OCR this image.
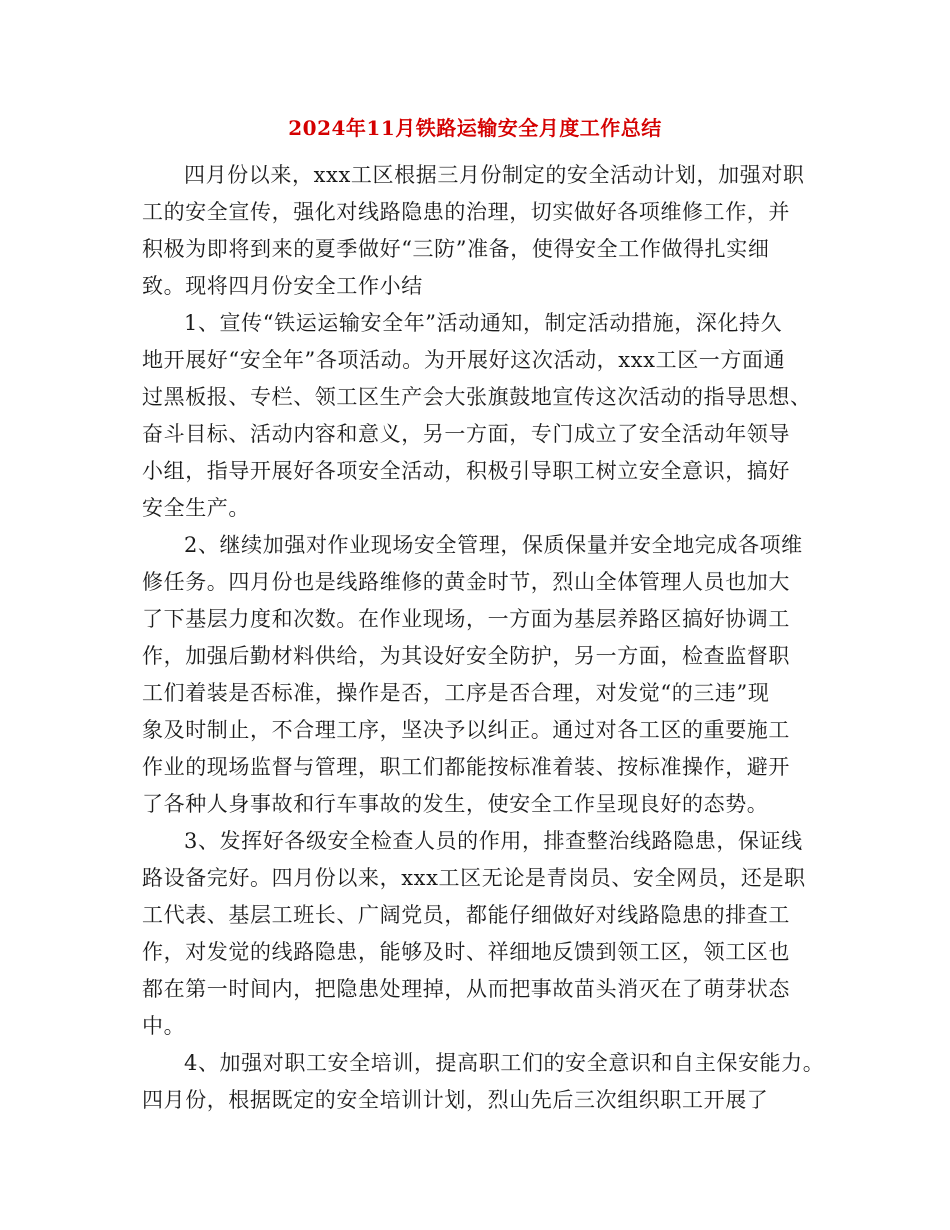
2024年11月铁路运输安全月度工作总结
四月份以来，xxx工区根据三月份制定的安全活动计划，加强对职
工的安全宣传，强化对线路隐患的治理，切实做好各项维修工作，并
积极为即将到来的夏季做好“三防”准备，使得安全工作做得扎实细
致。现将四月份安全工作小结
1、宣传“铁运运输安全年”活动通知，制定活动措施，深化持久
地开展好“安全年”各项活动。为开展好这次活动，xxx工区一方面通
过黑板报、专栏、领工区生产会大张旗鼓地宣传这次活动的指导思想、
奋斗目标、活动内容和意义，另一方面，专门成立了安全活动年领导
小组，指导开展好各项安全活动，积极引导职工树立安全意识，搞好
安全生产。
2、继续加强对作业现场安全管理，保质保量并安全地完成各项维
修任务。四月份也是线路维修的黄金时节，烈山全体管理人员也加大
了下基层力度和次数。在作业现场，一方面为基层养路区搞好协调工
作，加强后勤材料供给，为其设好安全防护，另一方面，检查监督职
工们着装是否标准，操作是否，工序是否合理，对发觉“的三违”现
象及时制止，不合理工序，坚决予以纠正。通过对各工区的重要施工
作业的现场监督与管理，职工们都能按标准着装、按标准操作，避开
了各种人身事故和行车事故的发生，使安全工作呈现良好的态势。
3、发挥好各级安全检查人员的作用，排查整治线路隐患，保证线
路设备完好。四月份以来，xxx工区无论是青岗员、安全网员，还是职
工代表、基层工班长、广阔党员，都能仔细做好对线路隐患的排查工
作，对发觉的线路隐患，能够及时、祥细地反馈到领工区，领工区也
都在第一时间内，把隐患处理掉，从而把事故苗头消灭在了萌芽状态
中。
4、加强对职工安全培训，提高职工们的安全意识和自主保安能力。
四月份，根据既定的安全培训计划，烈山先后三次组织职工开展了
